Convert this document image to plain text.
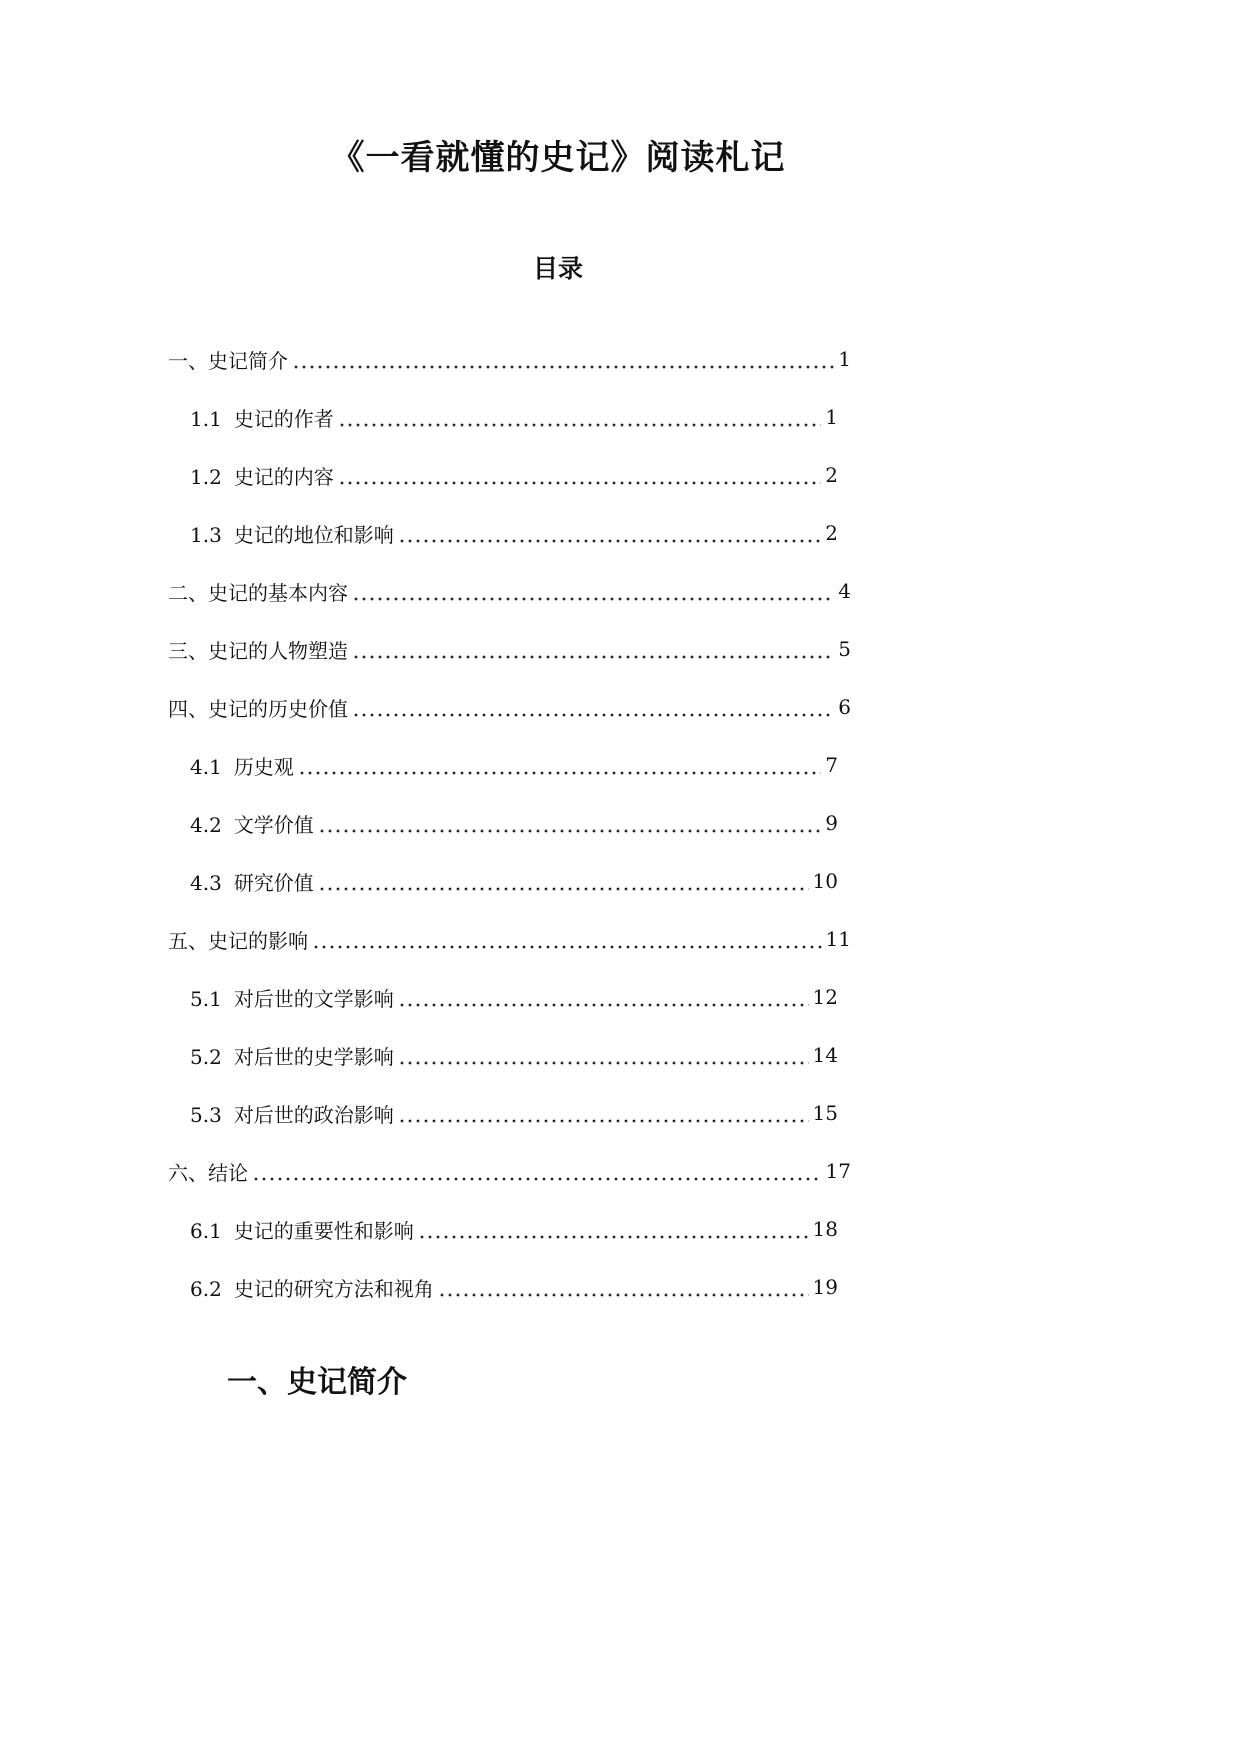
《一看就懂的史记》阅读札记
目录
一、史记简介	1
1.1 史记的作者	1
1.2 史记的内容	2
1.3 史记的地位和影响	2
二、史记的基本内容	4
三、史记的人物塑造	5
四、史记的历史价值	6
4.1 历史观	7
4.2 文学价值	9
4.3 研究价值	10
五、史记的影响	11
5.1 对后世的文学影响	12
5.2 对后世的史学影响	14
5.3 对后世的政治影响	15
六、结论	17
6.1 史记的重要性和影响	18
6.2 史记的研究方法和视角	19
一、史记简介
